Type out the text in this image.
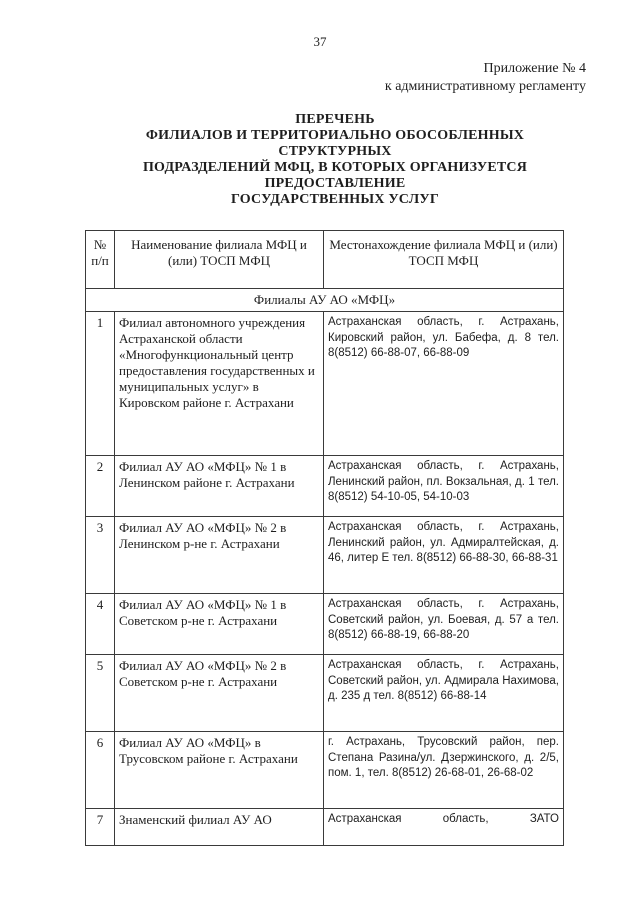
37
Приложение № 4
к административному регламенту
ПЕРЕЧЕНЬ
ФИЛИАЛОВ И ТЕРРИТОРИАЛЬНО ОБОСОБЛЕННЫХ
СТРУКТУРНЫХ
ПОДРАЗДЕЛЕНИЙ МФЦ, В КОТОРЫХ ОРГАНИЗУЕТСЯ
ПРЕДОСТАВЛЕНИЕ
ГОСУДАРСТВЕННЫХ УСЛУГ
№ п/п	Наименование филиала МФЦ и (или) ТОСП МФЦ	Местонахождение филиала МФЦ и (или) ТОСП МФЦ
Филиалы АУ АО «МФЦ»		
1	Филиал автономного учреждения Астраханской области «Многофункциональный центр предоставления государственных и муниципальных услуг» в Кировском районе г. Астрахани	Астраханская область, г. Астрахань, Кировский район, ул. Бабефа, д. 8 тел. 8(8512) 66-88-07, 66-88-09
2	Филиал АУ АО «МФЦ» № 1 в Ленинском районе г. Астрахани	Астраханская область, г. Астрахань, Ленинский район, пл. Вокзальная, д. 1 тел. 8(8512) 54-10-05, 54-10-03
3	Филиал АУ АО «МФЦ» № 2 в Ленинском р-не г. Астрахани	Астраханская область, г. Астрахань, Ленинский район, ул. Адмиралтейская, д. 46, литер Е тел. 8(8512) 66-88-30, 66-88-31
4	Филиал АУ АО «МФЦ» № 1 в Советском р-не г. Астрахани	Астраханская область, г. Астрахань, Советский район, ул. Боевая, д. 57 а тел. 8(8512) 66-88-19, 66-88-20
5	Филиал АУ АО «МФЦ» № 2 в Советском р-не г. Астрахани	Астраханская область, г. Астрахань, Советский район, ул. Адмирала Нахимова, д. 235 д тел. 8(8512) 66-88-14
6	Филиал АУ АО «МФЦ» в Трусовском районе г. Астрахани	г. Астрахань, Трусовский район, пер. Степана Разина/ул. Дзержинского, д. 2/5, пом. 1, тел. 8(8512) 26-68-01, 26-68-02
7	Знаменский филиал АУ АО	Астраханская область, ЗАТО
